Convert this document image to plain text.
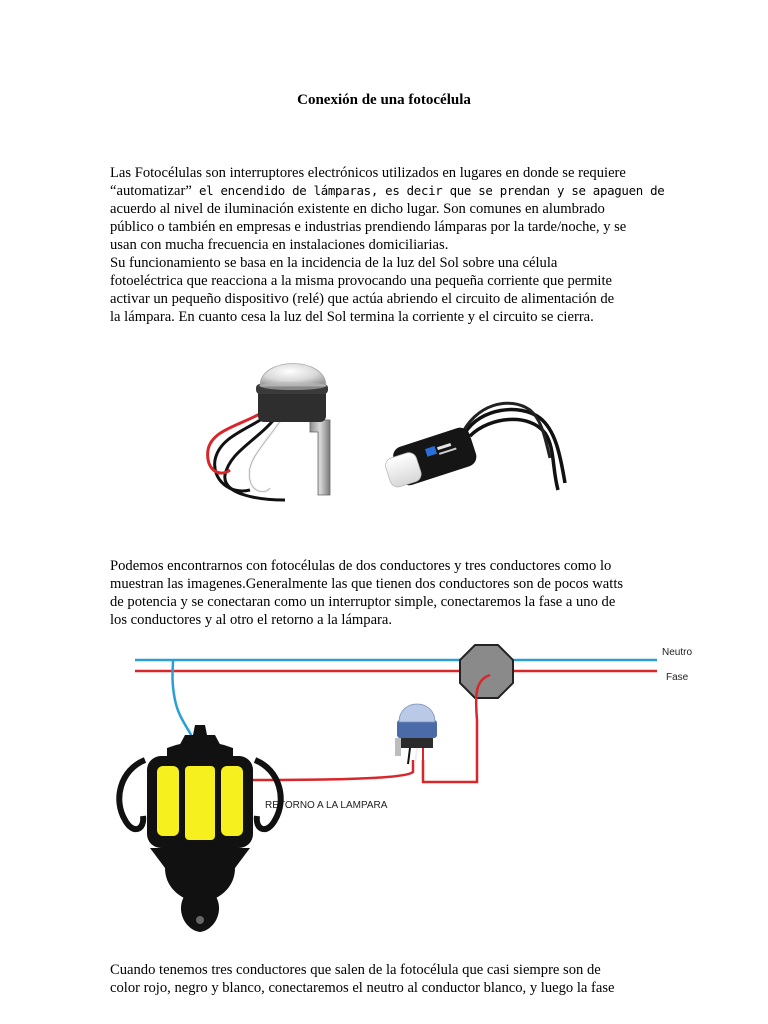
Conexión de una fotocélula

Las Fotocélulas son interruptores electrónicos utilizados en lugares en donde se requiere
“automatizar” el encendido de lámparas, es decir que se prendan y se apaguen de
acuerdo al nivel de iluminación existente en dicho lugar. Son comunes en alumbrado
público o también en empresas e industrias prendiendo lámparas por la tarde/noche, y se
usan con mucha frecuencia en instalaciones domiciliarias.
Su funcionamiento se basa en la incidencia de la luz del Sol sobre una célula
fotoeléctrica que reacciona a la misma provocando una pequeña corriente que permite
activar un pequeño dispositivo (relé) que actúa abriendo el circuito de alimentación de
la lámpara. En cuanto cesa la luz del Sol termina la corriente y el circuito se cierra.

Podemos encontrarnos con fotocélulas de dos conductores y tres conductores como lo
muestran las imagenes.Generalmente las que tienen dos conductores son de pocos watts
de potencia y se conectaran como un interruptor simple, conectaremos la fase a uno de
los conductores y al otro el retorno a la lámpara.

Neutro
Fase
RETORNO A LA LAMPARA

Cuando tenemos tres conductores que salen de la fotocélula que casi siempre son de
color rojo, negro y blanco, conectaremos el neutro al conductor blanco, y luego la fase
